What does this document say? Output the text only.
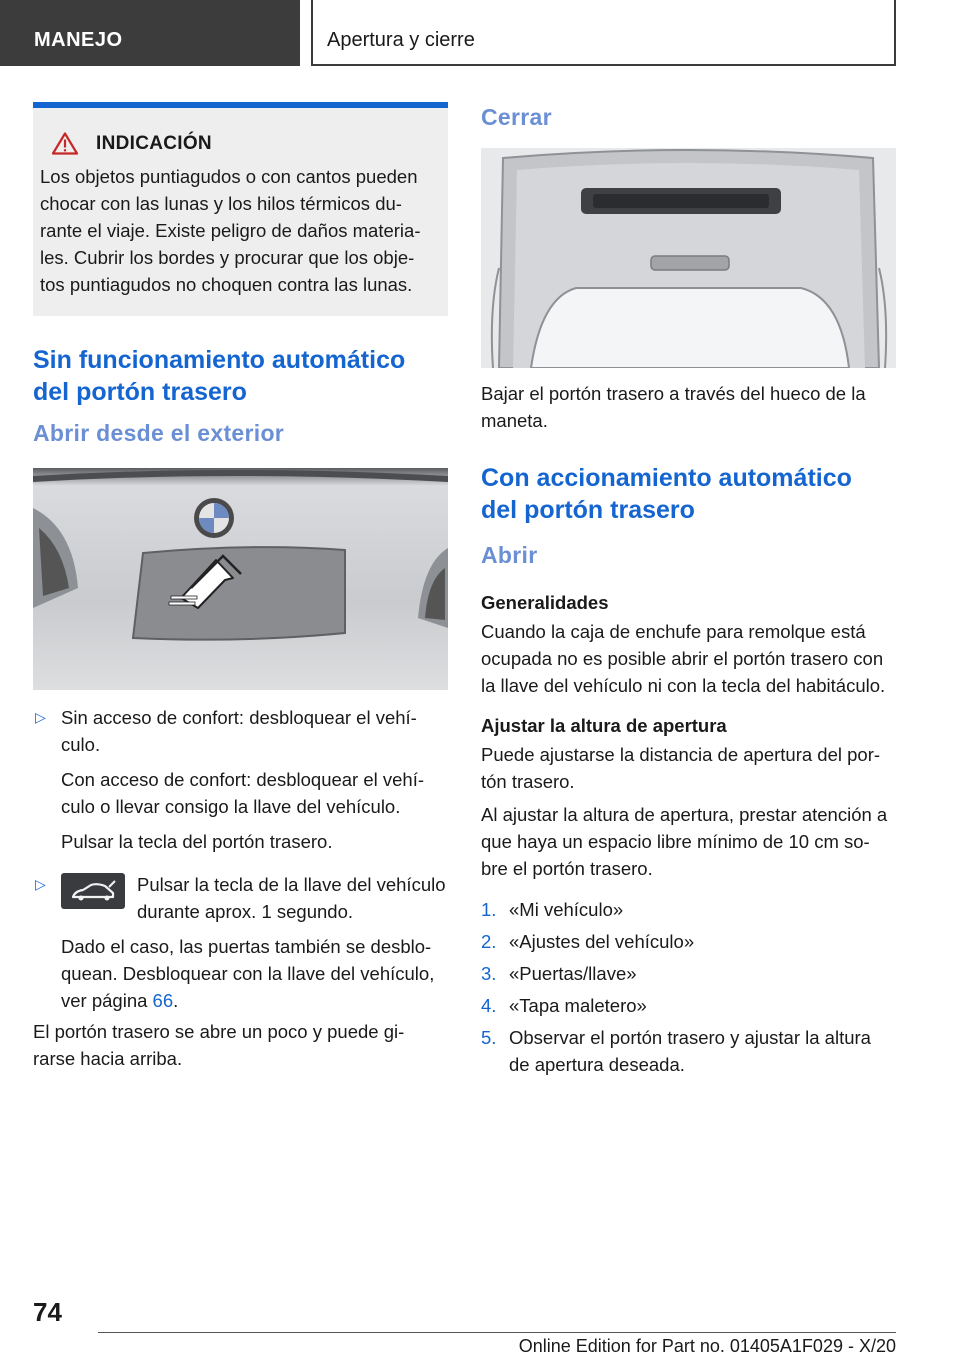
MANEJO	Apertura y cierre
INDICACIÓN
Los objetos puntiagudos o con cantos pueden
chocar con las lunas y los hilos térmicos du-
rante el viaje. Existe peligro de daños materia-
les. Cubrir los bordes y procurar que los obje-
tos puntiagudos no choquen contra las lunas.
Sin funcionamiento automático
del portón trasero
Abrir desde el exterior
▷ Sin acceso de confort: desbloquear el vehí-
culo.
Con acceso de confort: desbloquear el vehí-
culo o llevar consigo la llave del vehículo.
Pulsar la tecla del portón trasero.
▷	Pulsar la tecla de la llave del vehículo
durante aprox. 1 segundo.
Dado el caso, las puertas también se desblo-
quean. Desbloquear con la llave del vehículo,
ver página 66.
El portón trasero se abre un poco y puede gi-
rarse hacia arriba.
Cerrar
Bajar el portón trasero a través del hueco de la
maneta.
Con accionamiento automático
del portón trasero
Abrir
Generalidades
Cuando la caja de enchufe para remolque está
ocupada no es posible abrir el portón trasero con
la llave del vehículo ni con la tecla del habitáculo.
Ajustar la altura de apertura
Puede ajustarse la distancia de apertura del por-
tón trasero.
Al ajustar la altura de apertura, prestar atención a
que haya un espacio libre mínimo de 10 cm so-
bre el portón trasero.
1. «Mi vehículo»
2. «Ajustes del vehículo»
3. «Puertas/llave»
4. «Tapa maletero»
5. Observar el portón trasero y ajustar la altura
de apertura deseada.
74
Online Edition for Part no. 01405A1F029 - X/20
